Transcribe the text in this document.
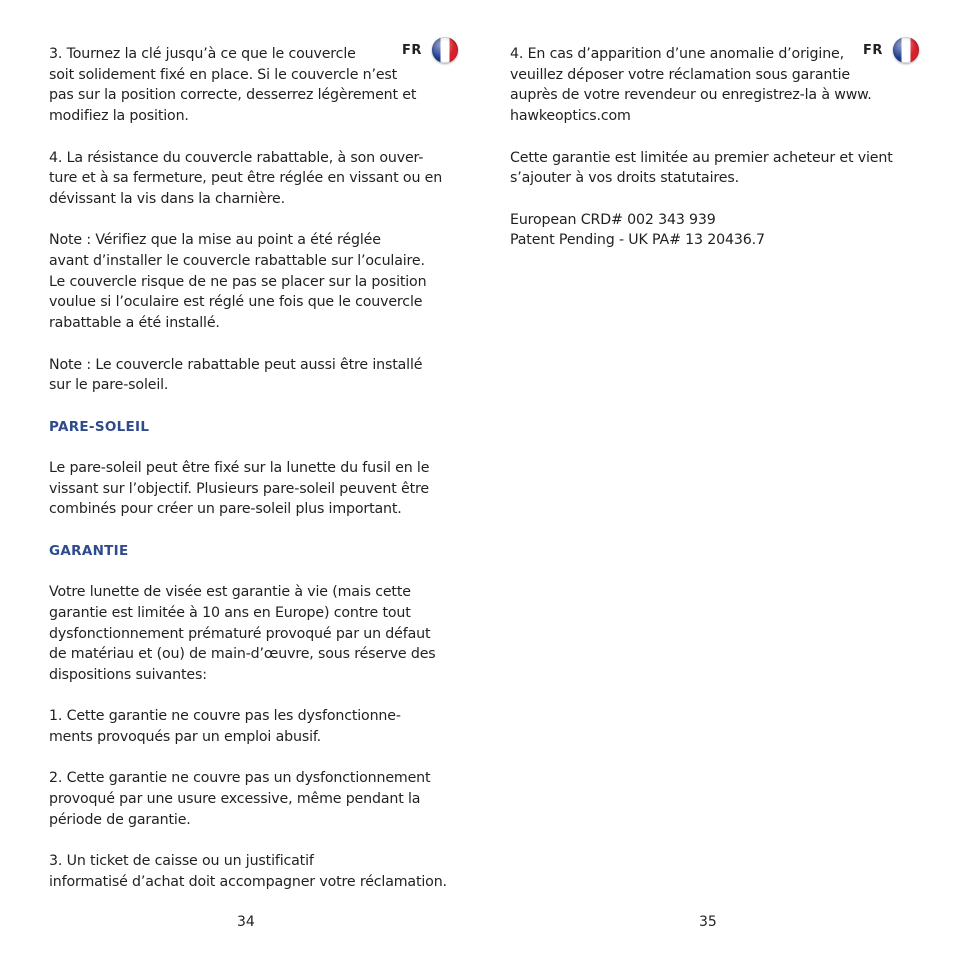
FR

3. Tournez la clé jusqu’à ce que le couvercle
soit solidement fixé en place. Si le couvercle n’est
pas sur la position correcte, desserrez légèrement et
modifiez la position.

4. La résistance du couvercle rabattable, à son ouver-
ture et à sa fermeture, peut être réglée en vissant ou en
dévissant la vis dans la charnière.

Note : Vérifiez que la mise au point a été réglée
avant d’installer le couvercle rabattable sur l’oculaire.
Le couvercle risque de ne pas se placer sur la position
voulue si l’oculaire est réglé une fois que le couvercle
rabattable a été installé.

Note : Le couvercle rabattable peut aussi être installé
sur le pare-soleil.

PARE-SOLEIL

Le pare-soleil peut être fixé sur la lunette du fusil en le
vissant sur l’objectif. Plusieurs pare-soleil peuvent être
combinés pour créer un pare-soleil plus important.

GARANTIE

Votre lunette de visée est garantie à vie (mais cette
garantie est limitée à 10 ans en Europe) contre tout
dysfonctionnement prématuré provoqué par un défaut
de matériau et (ou) de main-d’œuvre, sous réserve des
dispositions suivantes:

1. Cette garantie ne couvre pas les dysfonctionne-
ments provoqués par un emploi abusif.

2. Cette garantie ne couvre pas un dysfonctionnement
provoqué par une usure excessive, même pendant la
période de garantie.

3. Un ticket de caisse ou un justificatif
informatisé d’achat doit accompagner votre réclamation.

34
FR

4. En cas d’apparition d’une anomalie d’origine,
veuillez déposer votre réclamation sous garantie
auprès de votre revendeur ou enregistrez-la à www.
hawkeoptics.com

Cette garantie est limitée au premier acheteur et vient
s’ajouter à vos droits statutaires.

European CRD# 002 343 939
Patent Pending - UK PA# 13 20436.7

35
